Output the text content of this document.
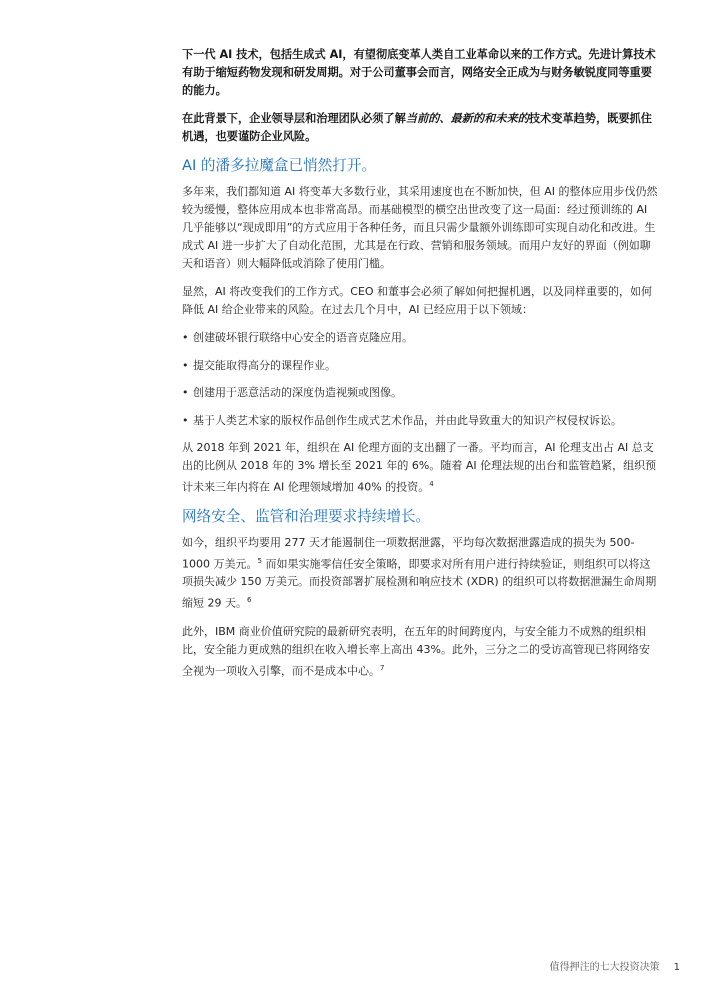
下一代 AI 技术，包括生成式 AI，有望彻底变革人类自工业革命以来的工作方式。先进计算技术有助于缩短药物发现和研发周期。对于公司董事会而言，网络安全正成为与财务敏锐度同等重要的能力。

在此背景下，企业领导层和治理团队必须了解当前的、最新的和未来的技术变革趋势，既要抓住机遇，也要谨防企业风险。

AI 的潘多拉魔盒已悄然打开。

多年来，我们都知道 AI 将变革大多数行业，其采用速度也在不断加快，但 AI 的整体应用步伐仍然较为缓慢，整体应用成本也非常高昂。而基础模型的横空出世改变了这一局面：经过预训练的 AI 几乎能够以“现成即用”的方式应用于各种任务，而且只需少量额外训练即可实现自动化和改进。生成式 AI 进一步扩大了自动化范围，尤其是在行政、营销和服务领域。而用户友好的界面（例如聊天和语音）则大幅降低或消除了使用门槛。

显然，AI 将改变我们的工作方式。CEO 和董事会必须了解如何把握机遇，以及同样重要的，如何降低 AI 给企业带来的风险。在过去几个月中，AI 已经应用于以下领域：

• 创建破坏银行联络中心安全的语音克隆应用。
• 提交能取得高分的课程作业。
• 创建用于恶意活动的深度伪造视频或图像。
• 基于人类艺术家的版权作品创作生成式艺术作品，并由此导致重大的知识产权侵权诉讼。

从 2018 年到 2021 年，组织在 AI 伦理方面的支出翻了一番。平均而言，AI 伦理支出占 AI 总支出的比例从 2018 年的 3% 增长至 2021 年的 6%。随着 AI 伦理法规的出台和监管趋紧，组织预计未来三年内将在 AI 伦理领域增加 40% 的投资。$^4$

网络安全、监管和治理要求持续增长。

如今，组织平均要用 277 天才能遏制住一项数据泄露，平均每次数据泄露造成的损失为 500-1000 万美元。$^5$ 而如果实施零信任安全策略，即要求对所有用户进行持续验证，则组织可以将这项损失减少 150 万美元。而投资部署扩展检测和响应技术 (XDR) 的组织可以将数据泄漏生命周期缩短 29 天。$^6$

此外，IBM 商业价值研究院的最新研究表明，在五年的时间跨度内，与安全能力不成熟的组织相比，安全能力更成熟的组织在收入增长率上高出 43%。此外，三分之二的受访高管现已将网络安全视为一项收入引擎，而不是成本中心。$^7$

值得押注的七大投资决策 1
